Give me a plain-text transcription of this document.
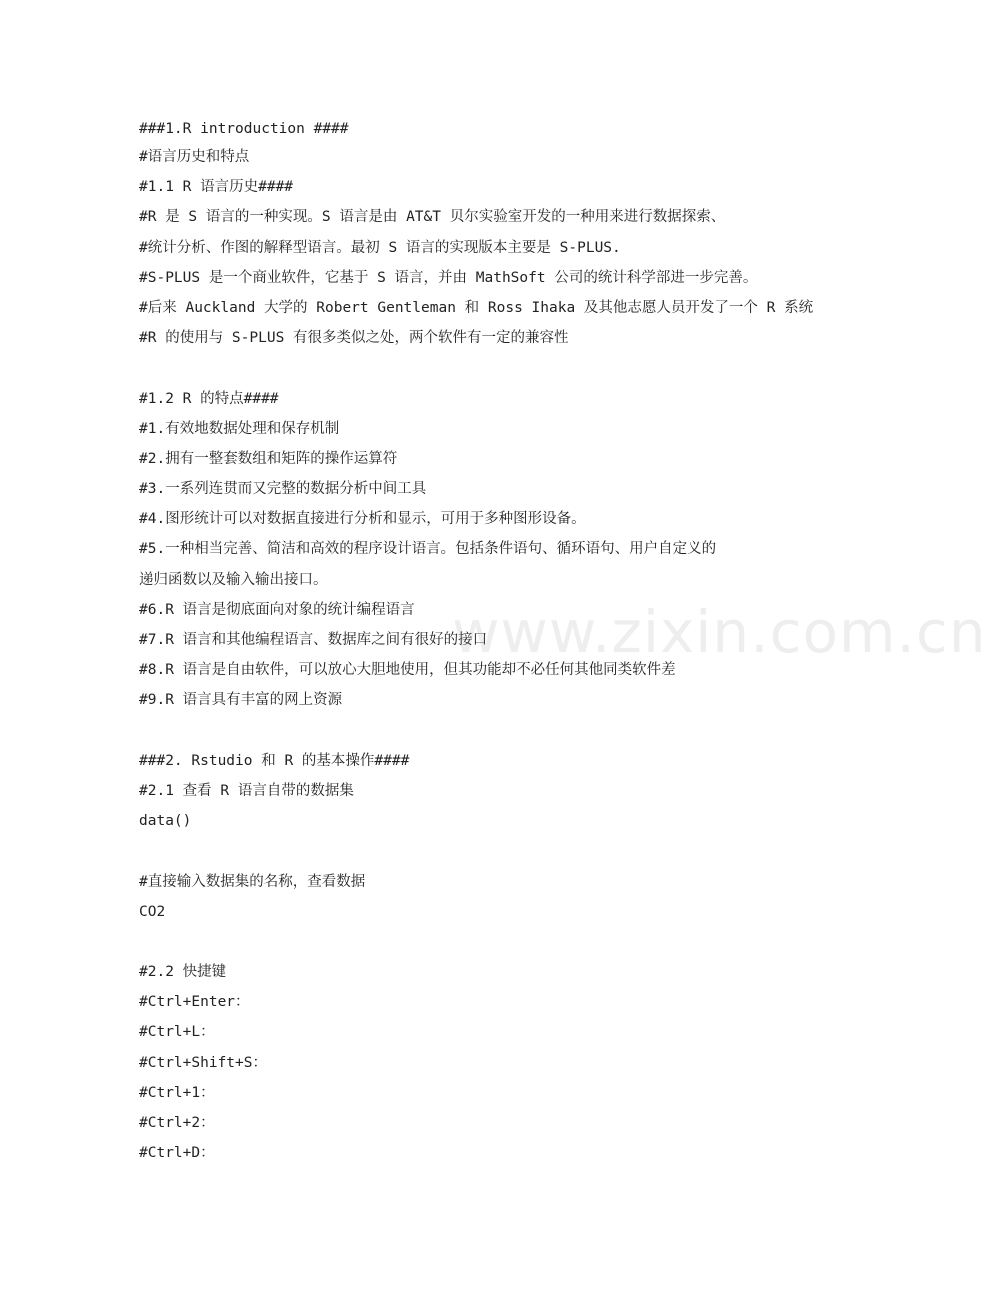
###1.R introduction ####
#语言历史和特点
#1.1 R 语言历史####
#R 是 S 语言的一种实现。S 语言是由 AT&T 贝尔实验室开发的一种用来进行数据探索、
#统计分析、作图的解释型语言。最初 S 语言的实现版本主要是 S-PLUS.
#S-PLUS 是一个商业软件，它基于 S 语言，并由 MathSoft 公司的统计科学部进一步完善。
#后来 Auckland 大学的 Robert Gentleman 和 Ross Ihaka 及其他志愿人员开发了一个 R 系统
#R 的使用与 S-PLUS 有很多类似之处，两个软件有一定的兼容性
#1.2 R 的特点####
#1.有效地数据处理和保存机制
#2.拥有一整套数组和矩阵的操作运算符
#3.一系列连贯而又完整的数据分析中间工具
#4.图形统计可以对数据直接进行分析和显示，可用于多种图形设备。
#5.一种相当完善、简洁和高效的程序设计语言。包括条件语句、循环语句、用户自定义的
递归函数以及输入输出接口。
#6.R 语言是彻底面向对象的统计编程语言
#7.R 语言和其他编程语言、数据库之间有很好的接口
#8.R 语言是自由软件，可以放心大胆地使用，但其功能却不必任何其他同类软件差
#9.R 语言具有丰富的网上资源
###2. Rstudio 和 R 的基本操作####
#2.1 查看 R 语言自带的数据集
data()
#直接输入数据集的名称，查看数据
CO2
#2.2 快捷键
#Ctrl+Enter：
#Ctrl+L：
#Ctrl+Shift+S：
#Ctrl+1：
#Ctrl+2：
#Ctrl+D：
www.zixin.com.cn
